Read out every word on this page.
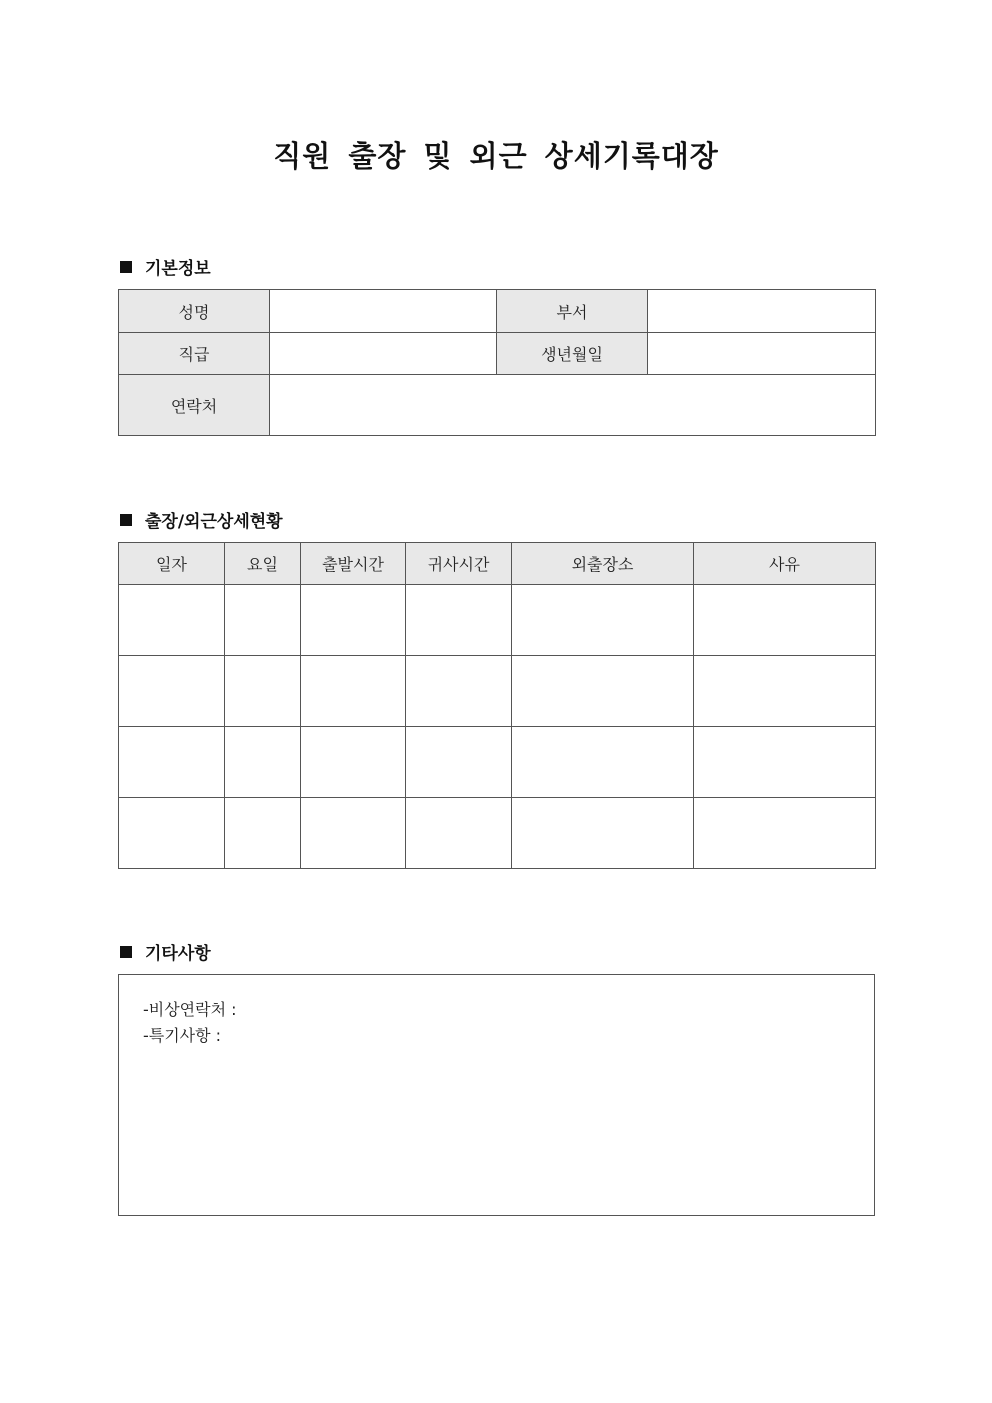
직원 출장 및 외근 상세기록대장
기본정보
성명		부서	
직급		생년월일	
연락처			
출장/외근상세현황
일자	요일	출발시간	귀사시간	외출장소	사유

기타사항
-비상연락처 :
-특기사항 :
